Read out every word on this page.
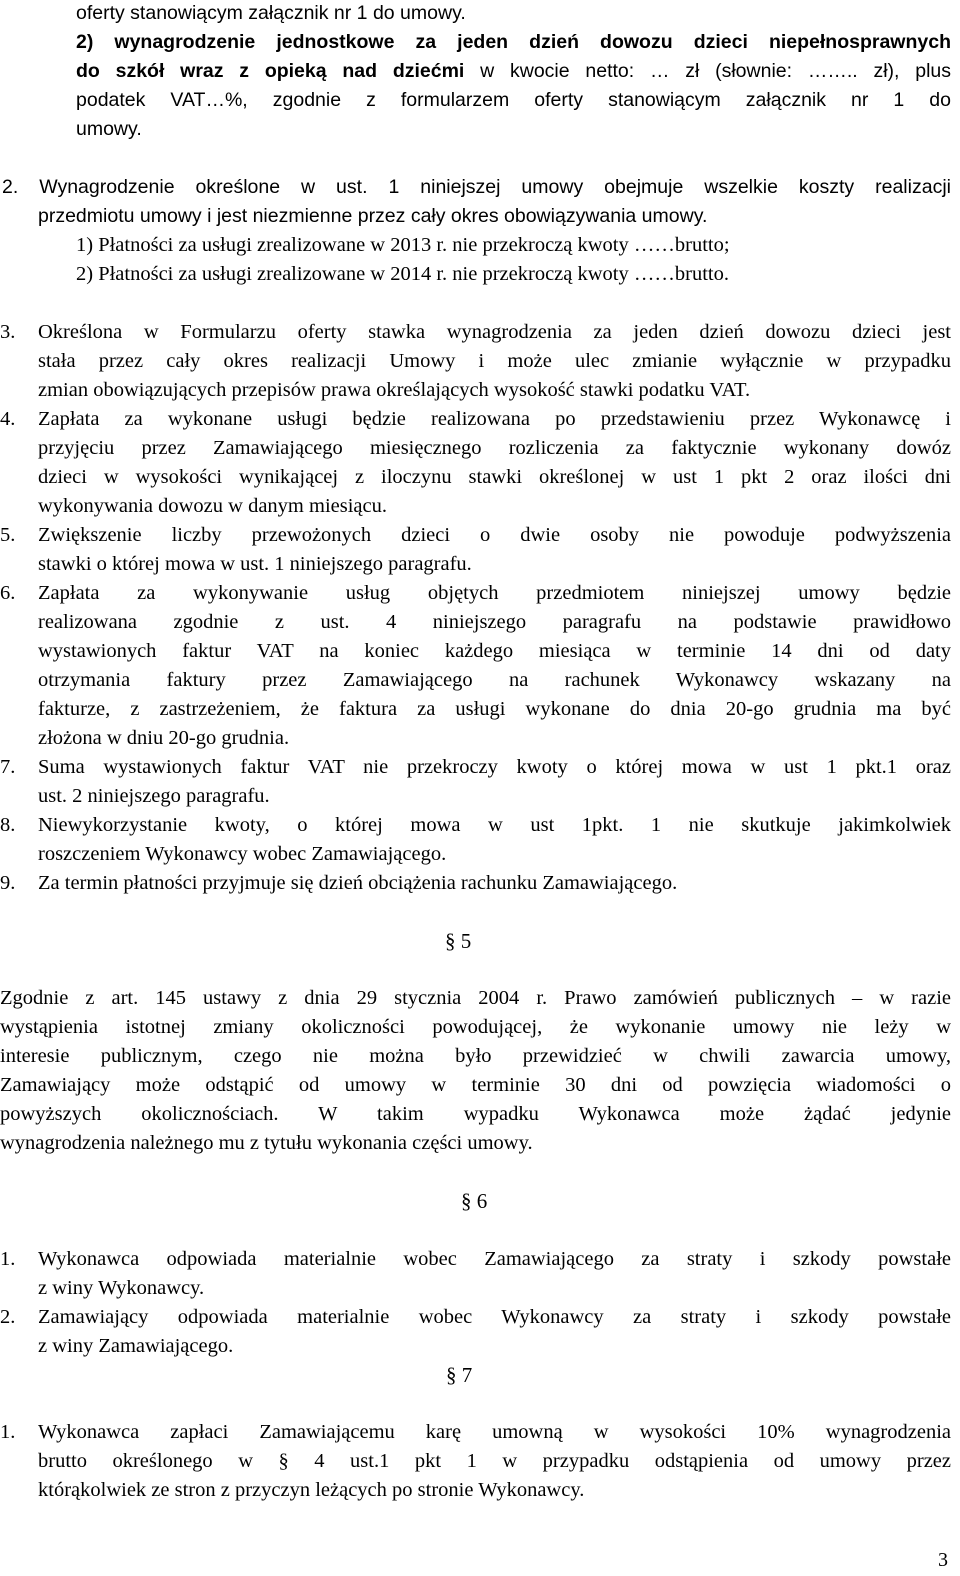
oferty stanowiącym załącznik nr 1 do umowy.
2) wynagrodzenie jednostkowe za jeden dzień dowozu dzieci niepełnosprawnych
do szkół wraz z opieką nad dziećmi w kwocie netto: … zł (słownie: …….. zł), plus
podatek VAT…%, zgodnie z formularzem oferty stanowiącym załącznik nr 1 do
umowy.
2. Wynagrodzenie określone w ust. 1 niniejszej umowy obejmuje wszelkie koszty realizacji
przedmiotu umowy i jest niezmienne przez cały okres obowiązywania umowy.
1) Płatności za usługi zrealizowane w 2013 r. nie przekroczą kwoty ……brutto;
2) Płatności za usługi zrealizowane w 2014 r. nie przekroczą kwoty ……brutto.
3. Określona w Formularzu oferty stawka wynagrodzenia za jeden dzień dowozu dzieci jest
stała przez cały okres realizacji Umowy i może ulec zmianie wyłącznie w przypadku
zmian obowiązujących przepisów prawa określających wysokość stawki podatku VAT.
4. Zapłata za wykonane usługi będzie realizowana po przedstawieniu przez Wykonawcę i
przyjęciu przez Zamawiającego miesięcznego rozliczenia za faktycznie wykonany dowóz
dzieci w wysokości wynikającej z iloczynu stawki określonej w ust 1 pkt 2 oraz ilości dni
wykonywania dowozu w danym miesiącu.
5. Zwiększenie liczby przewożonych dzieci o dwie osoby nie powoduje podwyższenia
stawki o której mowa w ust. 1 niniejszego paragrafu.
6. Zapłata za wykonywanie usług objętych przedmiotem niniejszej umowy będzie
realizowana zgodnie z ust. 4 niniejszego paragrafu na podstawie prawidłowo
wystawionych faktur VAT na koniec każdego miesiąca w terminie 14 dni od daty
otrzymania faktury przez Zamawiającego na rachunek Wykonawcy wskazany na
fakturze, z zastrzeżeniem, że faktura za usługi wykonane do dnia 20-go grudnia ma być
złożona w dniu 20-go grudnia.
7. Suma wystawionych faktur VAT nie przekroczy kwoty o której mowa w ust 1 pkt.1 oraz
ust. 2 niniejszego paragrafu.
8. Niewykorzystanie kwoty, o której mowa w ust 1pkt. 1 nie skutkuje jakimkolwiek
roszczeniem Wykonawcy wobec Zamawiającego.
9. Za termin płatności przyjmuje się dzień obciążenia rachunku Zamawiającego.
§ 5
Zgodnie z art. 145 ustawy z dnia 29 stycznia 2004 r. Prawo zamówień publicznych – w razie
wystąpienia istotnej zmiany okoliczności powodującej, że wykonanie umowy nie leży w
interesie publicznym, czego nie można było przewidzieć w chwili zawarcia umowy,
Zamawiający może odstąpić od umowy w terminie 30 dni od powzięcia wiadomości o
powyższych okolicznościach. W takim wypadku Wykonawca może żądać jedynie
wynagrodzenia należnego mu z tytułu wykonania części umowy.
§ 6
1. Wykonawca odpowiada materialnie wobec Zamawiającego za straty i szkody powstałe
z winy Wykonawcy.
2. Zamawiający odpowiada materialnie wobec Wykonawcy za straty i szkody powstałe
z winy Zamawiającego.
§ 7
1. Wykonawca zapłaci Zamawiającemu karę umowną w wysokości 10% wynagrodzenia
brutto określonego w § 4 ust.1 pkt 1 w przypadku odstąpienia od umowy przez
którąkolwiek ze stron z przyczyn leżących po stronie Wykonawcy.
3
